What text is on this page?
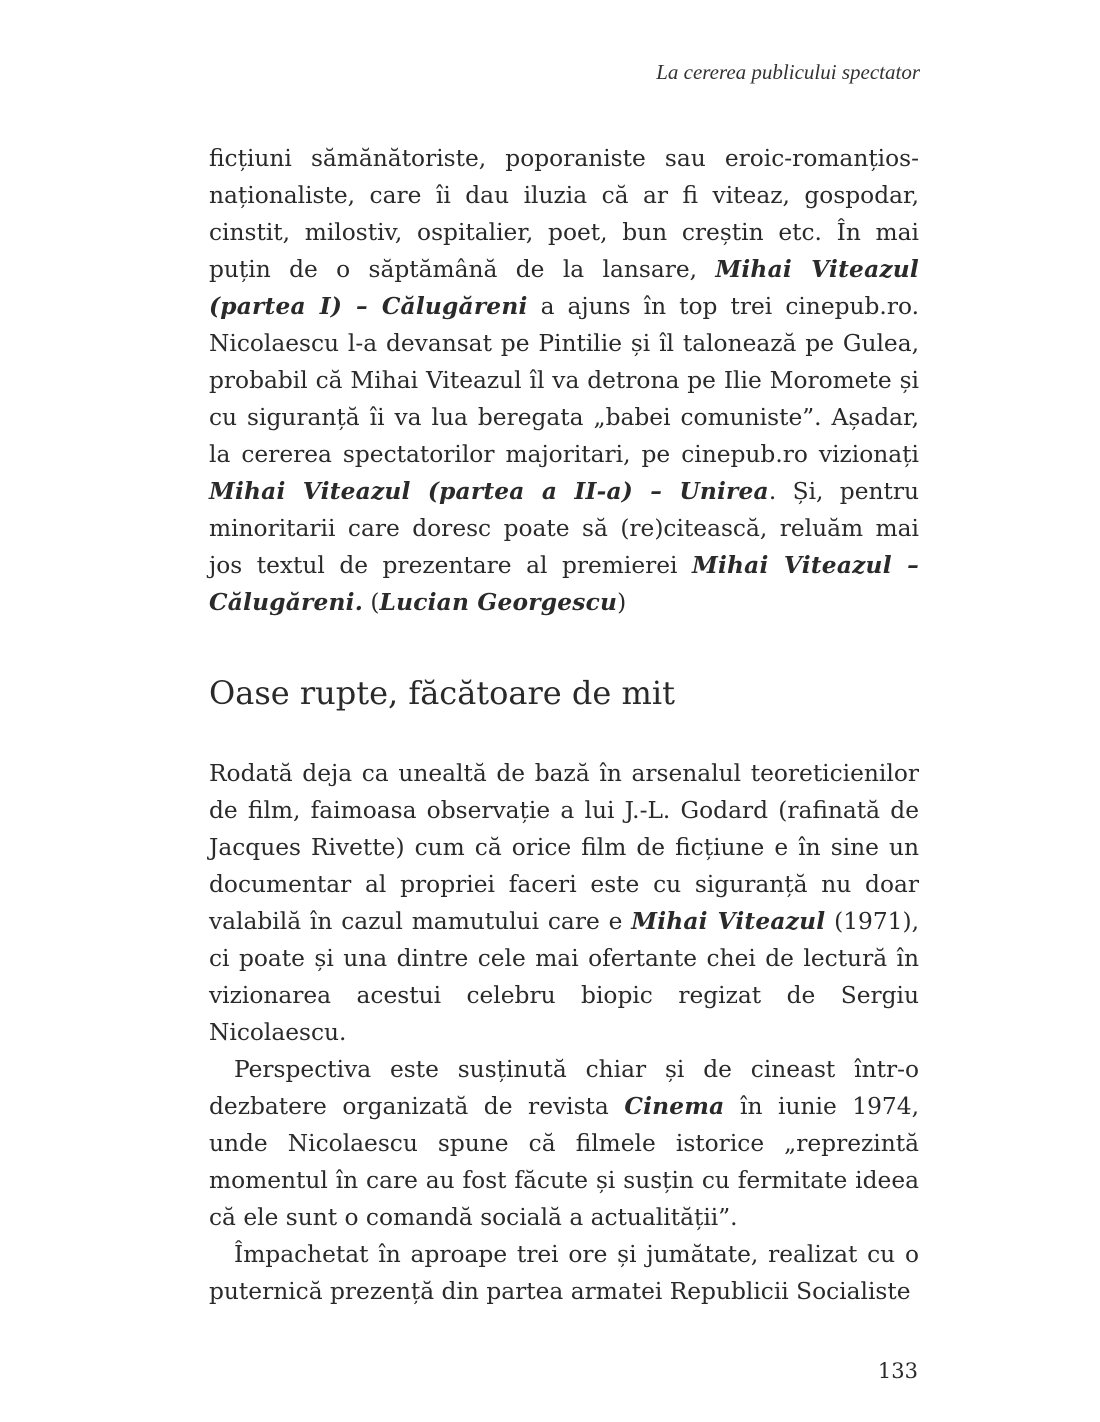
La cererea publicului spectator

ficțiuni sămănătoriste, poporaniste sau eroic-romanțios-naționaliste, care îi dau iluzia că ar fi viteaz, gospodar, cinstit, milostiv, ospitalier, poet, bun creștin etc. În mai puțin de o săptămână de la lansare, Mihai Viteazul (partea I) – Călugăreni a ajuns în top trei cinepub.ro. Nicolaescu l-a devansat pe Pintilie și îl talonează pe Gulea, probabil că Mihai Viteazul îl va detrona pe Ilie Moromete și cu siguranță îi va lua beregata „babei comuniste”. Așadar, la cererea spectatorilor majoritari, pe cinepub.ro vizionați Mihai Viteazul (partea a II-a) – Unirea. Și, pentru minoritarii care doresc poate să (re)citească, reluăm mai jos textul de prezentare al premierei Mihai Viteazul – Călugăreni. (Lucian Georgescu)

Oase rupte, făcătoare de mit

Rodată deja ca unealtă de bază în arsenalul teoreticienilor de film, faimoasa observație a lui J.-L. Godard (rafinată de Jacques Rivette) cum că orice film de ficțiune e în sine un documentar al propriei faceri este cu siguranță nu doar valabilă în cazul mamutului care e Mihai Viteazul (1971), ci poate și una dintre cele mai ofertante chei de lectură în vizionarea acestui celebru biopic regizat de Sergiu Nicolaescu.

Perspectiva este susținută chiar și de cineast într-o dezbatere organizată de revista Cinema în iunie 1974, unde Nicolaescu spune că filmele istorice „reprezintă momentul în care au fost făcute și susțin cu fermitate ideea că ele sunt o comandă socială a actualității”.

Împachetat în aproape trei ore și jumătate, realizat cu o puternică prezență din partea armatei Republicii Socialiste

133
